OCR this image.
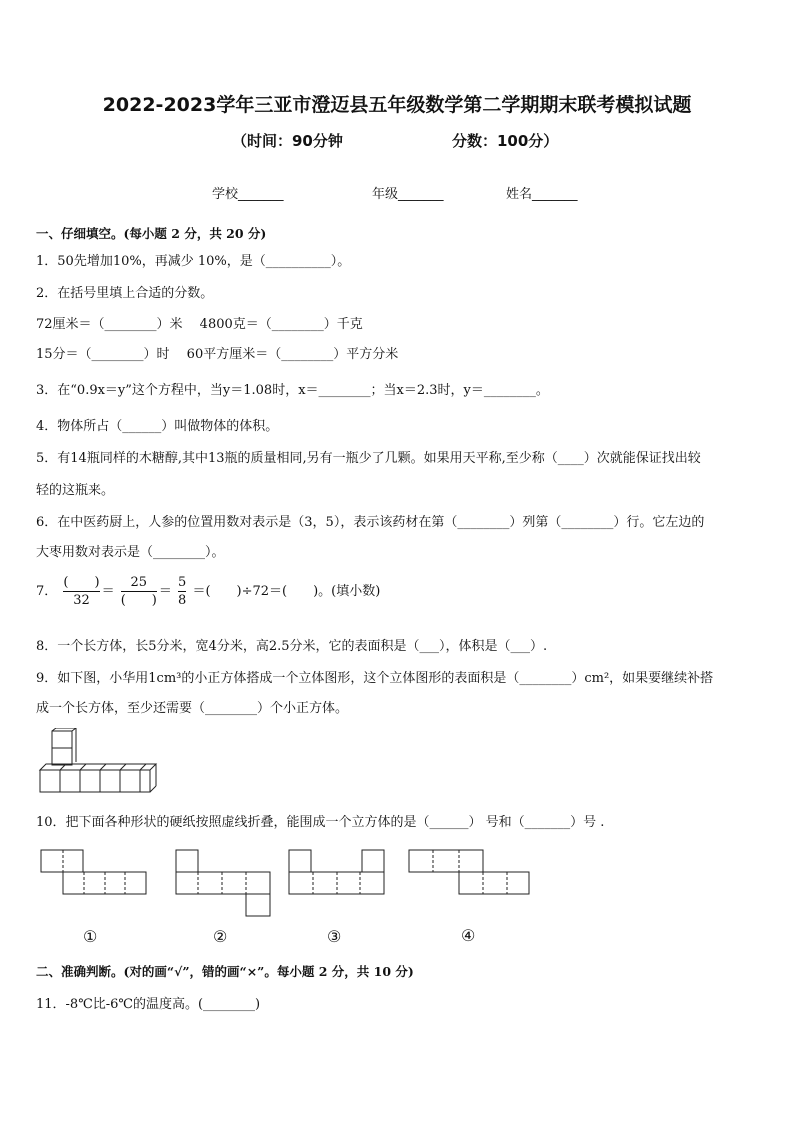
2022-2023学年三亚市澄迈县五年级数学第二学期期末联考模拟试题
（时间：90分钟	分数：100分）
学校_______	年级_______	姓名_______
一、仔细填空。(每小题 2 分，共 20 分)
1．50先增加10%，再减少 10%，是（__________）。
2．在括号里填上合适的分数。
72厘米＝（________）米　 4800克＝（________）千克
15分＝（________）时　 60平方厘米＝（________）平方分米
3．在“0.9x＝y”这个方程中，当y＝1.08时，x＝________；当x＝2.3时，y＝________。
4．物体所占（______）叫做物体的体积。
5．有14瓶同样的木糖醇,其中13瓶的质量相同,另有一瓶少了几颗。如果用天平称,至少称（____）次就能保证找出较
轻的这瓶来。
6．在中医药厨上，人参的位置用数对表示是（3，5），表示该药材在第（________）列第（________）行。它左边的
大枣用数对表示是（________）。
7． $\frac{( )}{32} = \frac{25}{( )} = \frac{5}{8}$ ＝(　　)÷72＝(　　)。(填小数)
8．一个长方体，长5分米，宽4分米，高2.5分米，它的表面积是（___），体积是（___）.
9．如下图，小华用1cm³的小正方体搭成一个立体图形，这个立体图形的表面积是（________）cm²，如果要继续补搭
成一个长方体，至少还需要（________）个小正方体。
10．把下面各种形状的硬纸按照虚线折叠，能围成一个立方体的是（______） 号和（_______）号 .
①	②	③	④
二、准确判断。(对的画“√”，错的画“×”。每小题 2 分，共 10 分)
11．-8℃比-6℃的温度高。(________)
